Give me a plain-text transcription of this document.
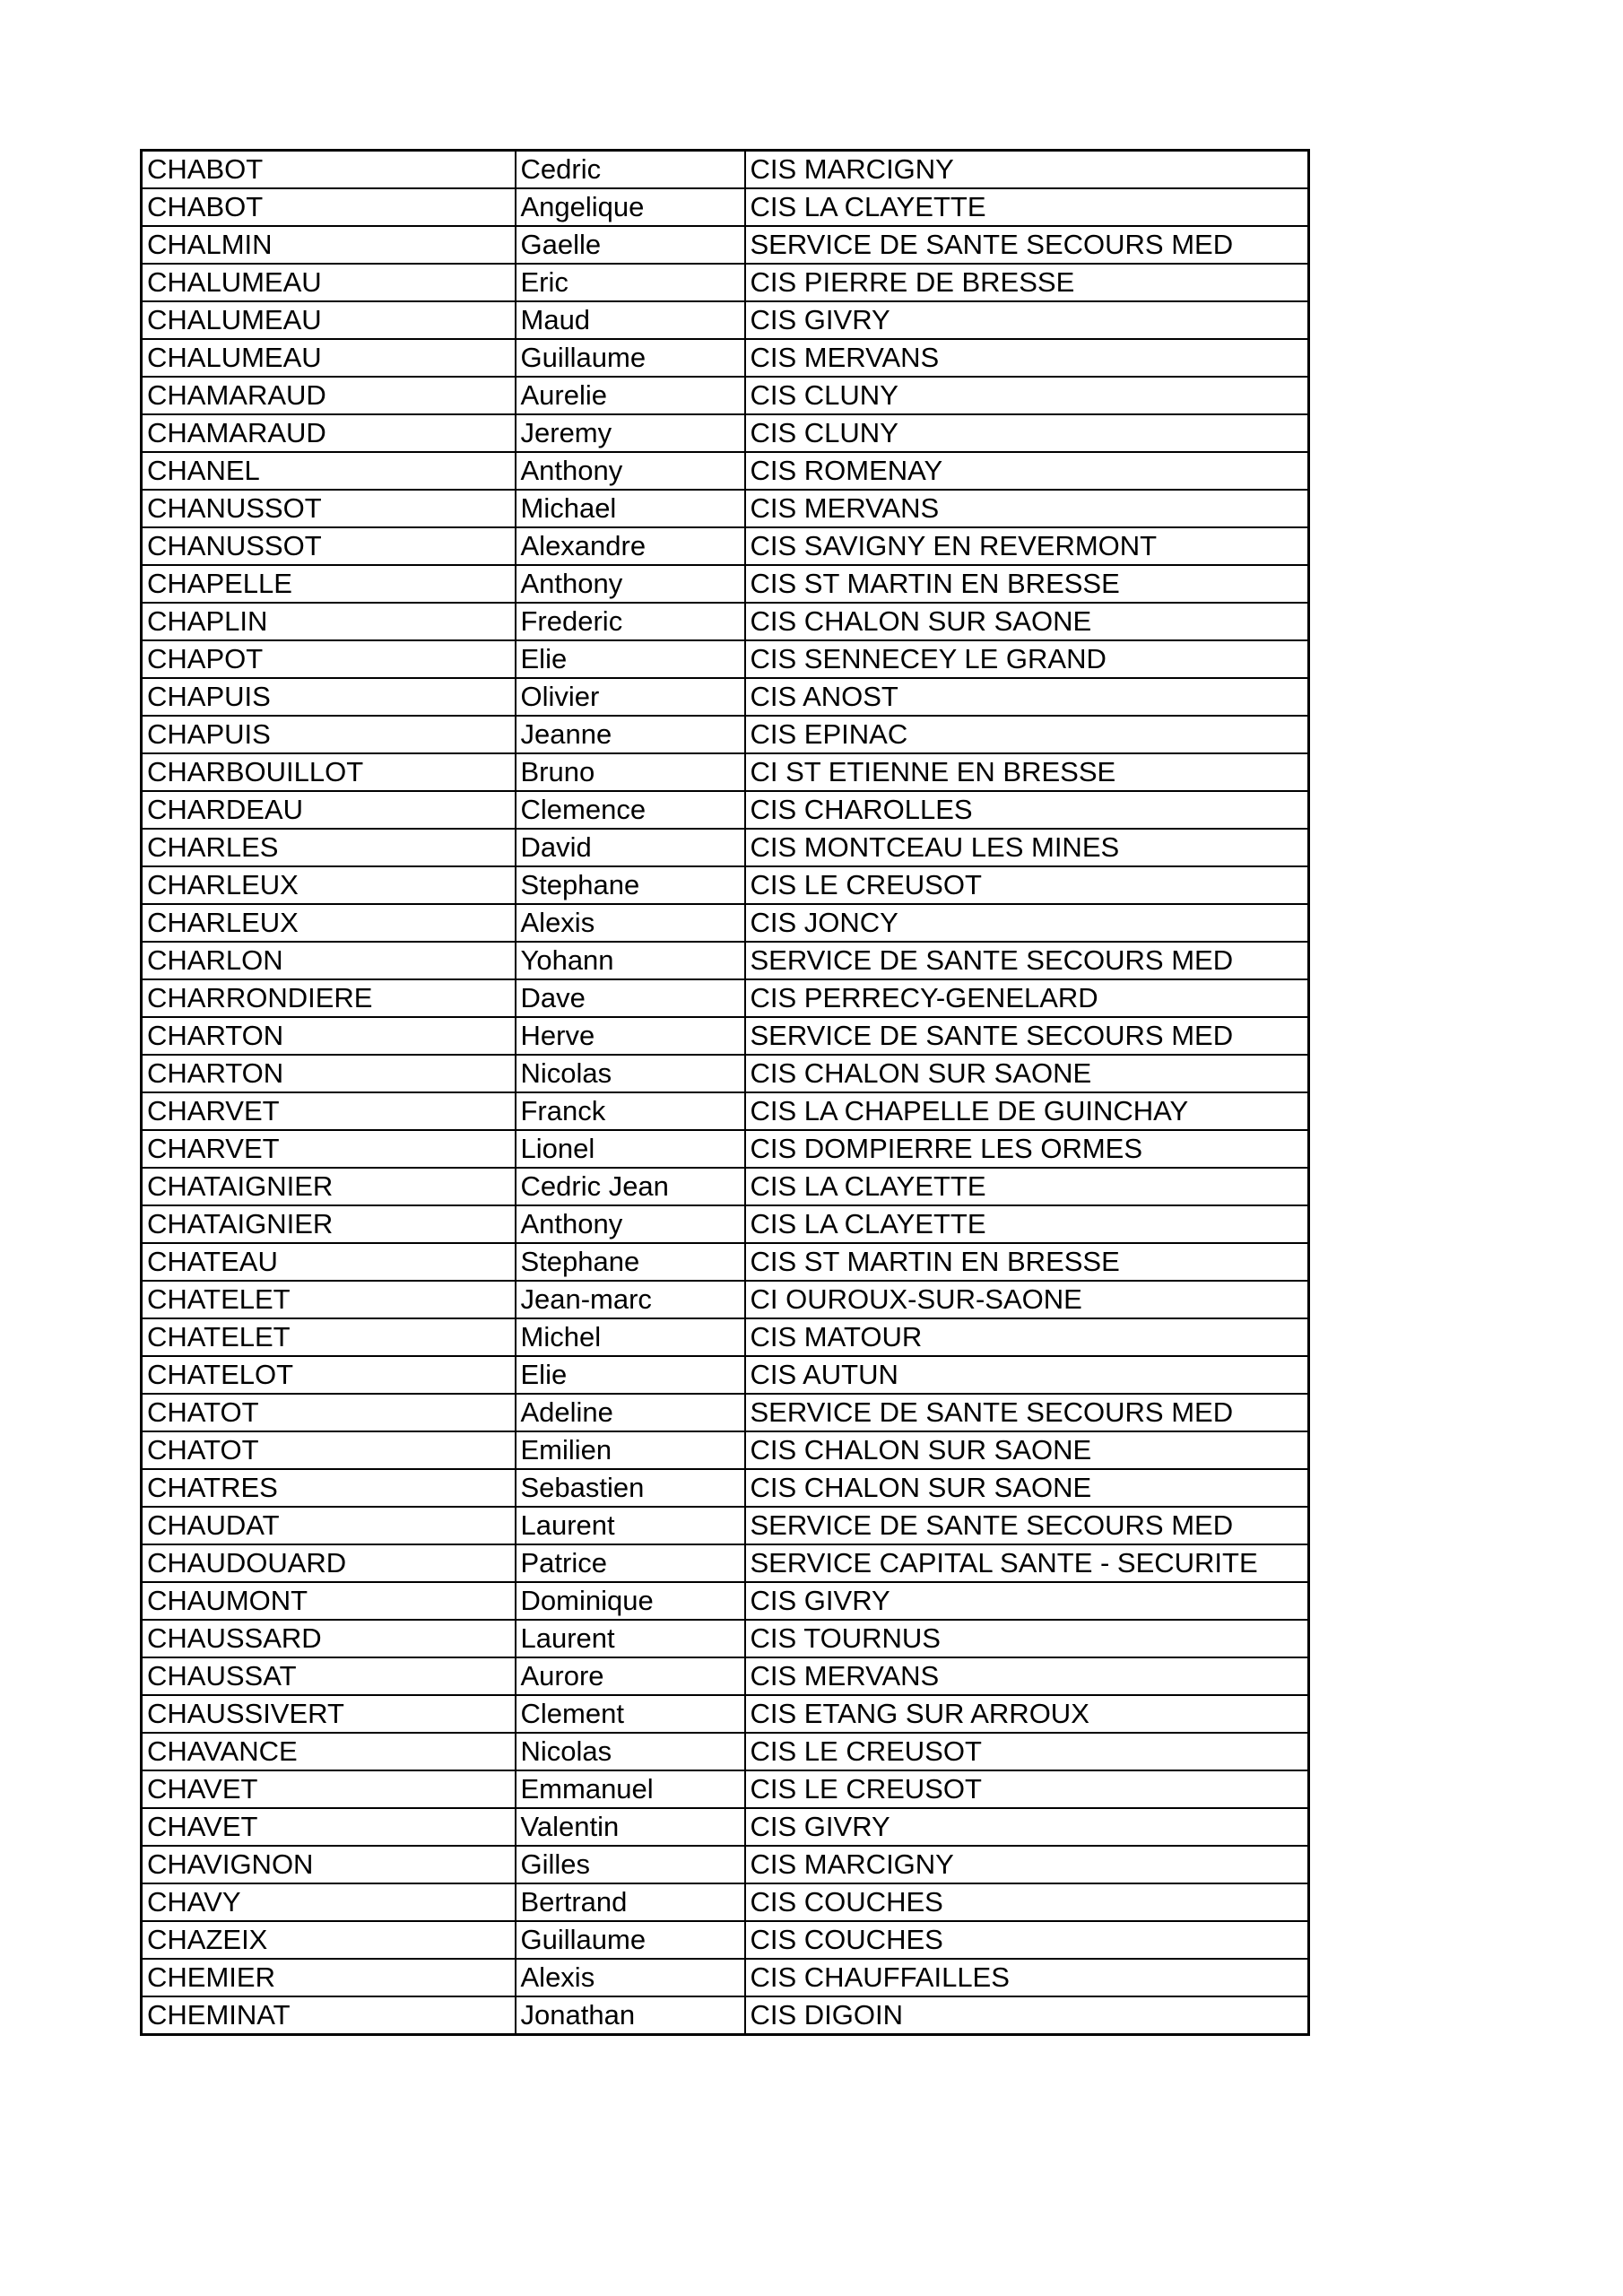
CHABOT	Cedric	CIS MARCIGNY
CHABOT	Angelique	CIS LA CLAYETTE
CHALMIN	Gaelle	SERVICE DE SANTE SECOURS MED
CHALUMEAU	Eric	CIS PIERRE DE BRESSE
CHALUMEAU	Maud	CIS GIVRY
CHALUMEAU	Guillaume	CIS MERVANS
CHAMARAUD	Aurelie	CIS CLUNY
CHAMARAUD	Jeremy	CIS CLUNY
CHANEL	Anthony	CIS ROMENAY
CHANUSSOT	Michael	CIS MERVANS
CHANUSSOT	Alexandre	CIS SAVIGNY EN REVERMONT
CHAPELLE	Anthony	CIS ST MARTIN EN BRESSE
CHAPLIN	Frederic	CIS CHALON SUR SAONE
CHAPOT	Elie	CIS SENNECEY LE GRAND
CHAPUIS	Olivier	CIS ANOST
CHAPUIS	Jeanne	CIS EPINAC
CHARBOUILLOT	Bruno	CI ST ETIENNE EN BRESSE
CHARDEAU	Clemence	CIS CHAROLLES
CHARLES	David	CIS MONTCEAU LES MINES
CHARLEUX	Stephane	CIS LE CREUSOT
CHARLEUX	Alexis	CIS JONCY
CHARLON	Yohann	SERVICE DE SANTE SECOURS MED
CHARRONDIERE	Dave	CIS PERRECY-GENELARD
CHARTON	Herve	SERVICE DE SANTE SECOURS MED
CHARTON	Nicolas	CIS CHALON SUR SAONE
CHARVET	Franck	CIS LA CHAPELLE DE GUINCHAY
CHARVET	Lionel	CIS DOMPIERRE LES ORMES
CHATAIGNIER	Cedric Jean	CIS LA CLAYETTE
CHATAIGNIER	Anthony	CIS LA CLAYETTE
CHATEAU	Stephane	CIS ST MARTIN EN BRESSE
CHATELET	Jean-marc	CI OUROUX-SUR-SAONE
CHATELET	Michel	CIS MATOUR
CHATELOT	Elie	CIS AUTUN
CHATOT	Adeline	SERVICE DE SANTE SECOURS MED
CHATOT	Emilien	CIS CHALON SUR SAONE
CHATRES	Sebastien	CIS CHALON SUR SAONE
CHAUDAT	Laurent	SERVICE DE SANTE SECOURS MED
CHAUDOUARD	Patrice	SERVICE CAPITAL SANTE - SECURITE
CHAUMONT	Dominique	CIS GIVRY
CHAUSSARD	Laurent	CIS TOURNUS
CHAUSSAT	Aurore	CIS MERVANS
CHAUSSIVERT	Clement	CIS ETANG SUR ARROUX
CHAVANCE	Nicolas	CIS LE CREUSOT
CHAVET	Emmanuel	CIS LE CREUSOT
CHAVET	Valentin	CIS GIVRY
CHAVIGNON	Gilles	CIS MARCIGNY
CHAVY	Bertrand	CIS COUCHES
CHAZEIX	Guillaume	CIS COUCHES
CHEMIER	Alexis	CIS CHAUFFAILLES
CHEMINAT	Jonathan	CIS DIGOIN
